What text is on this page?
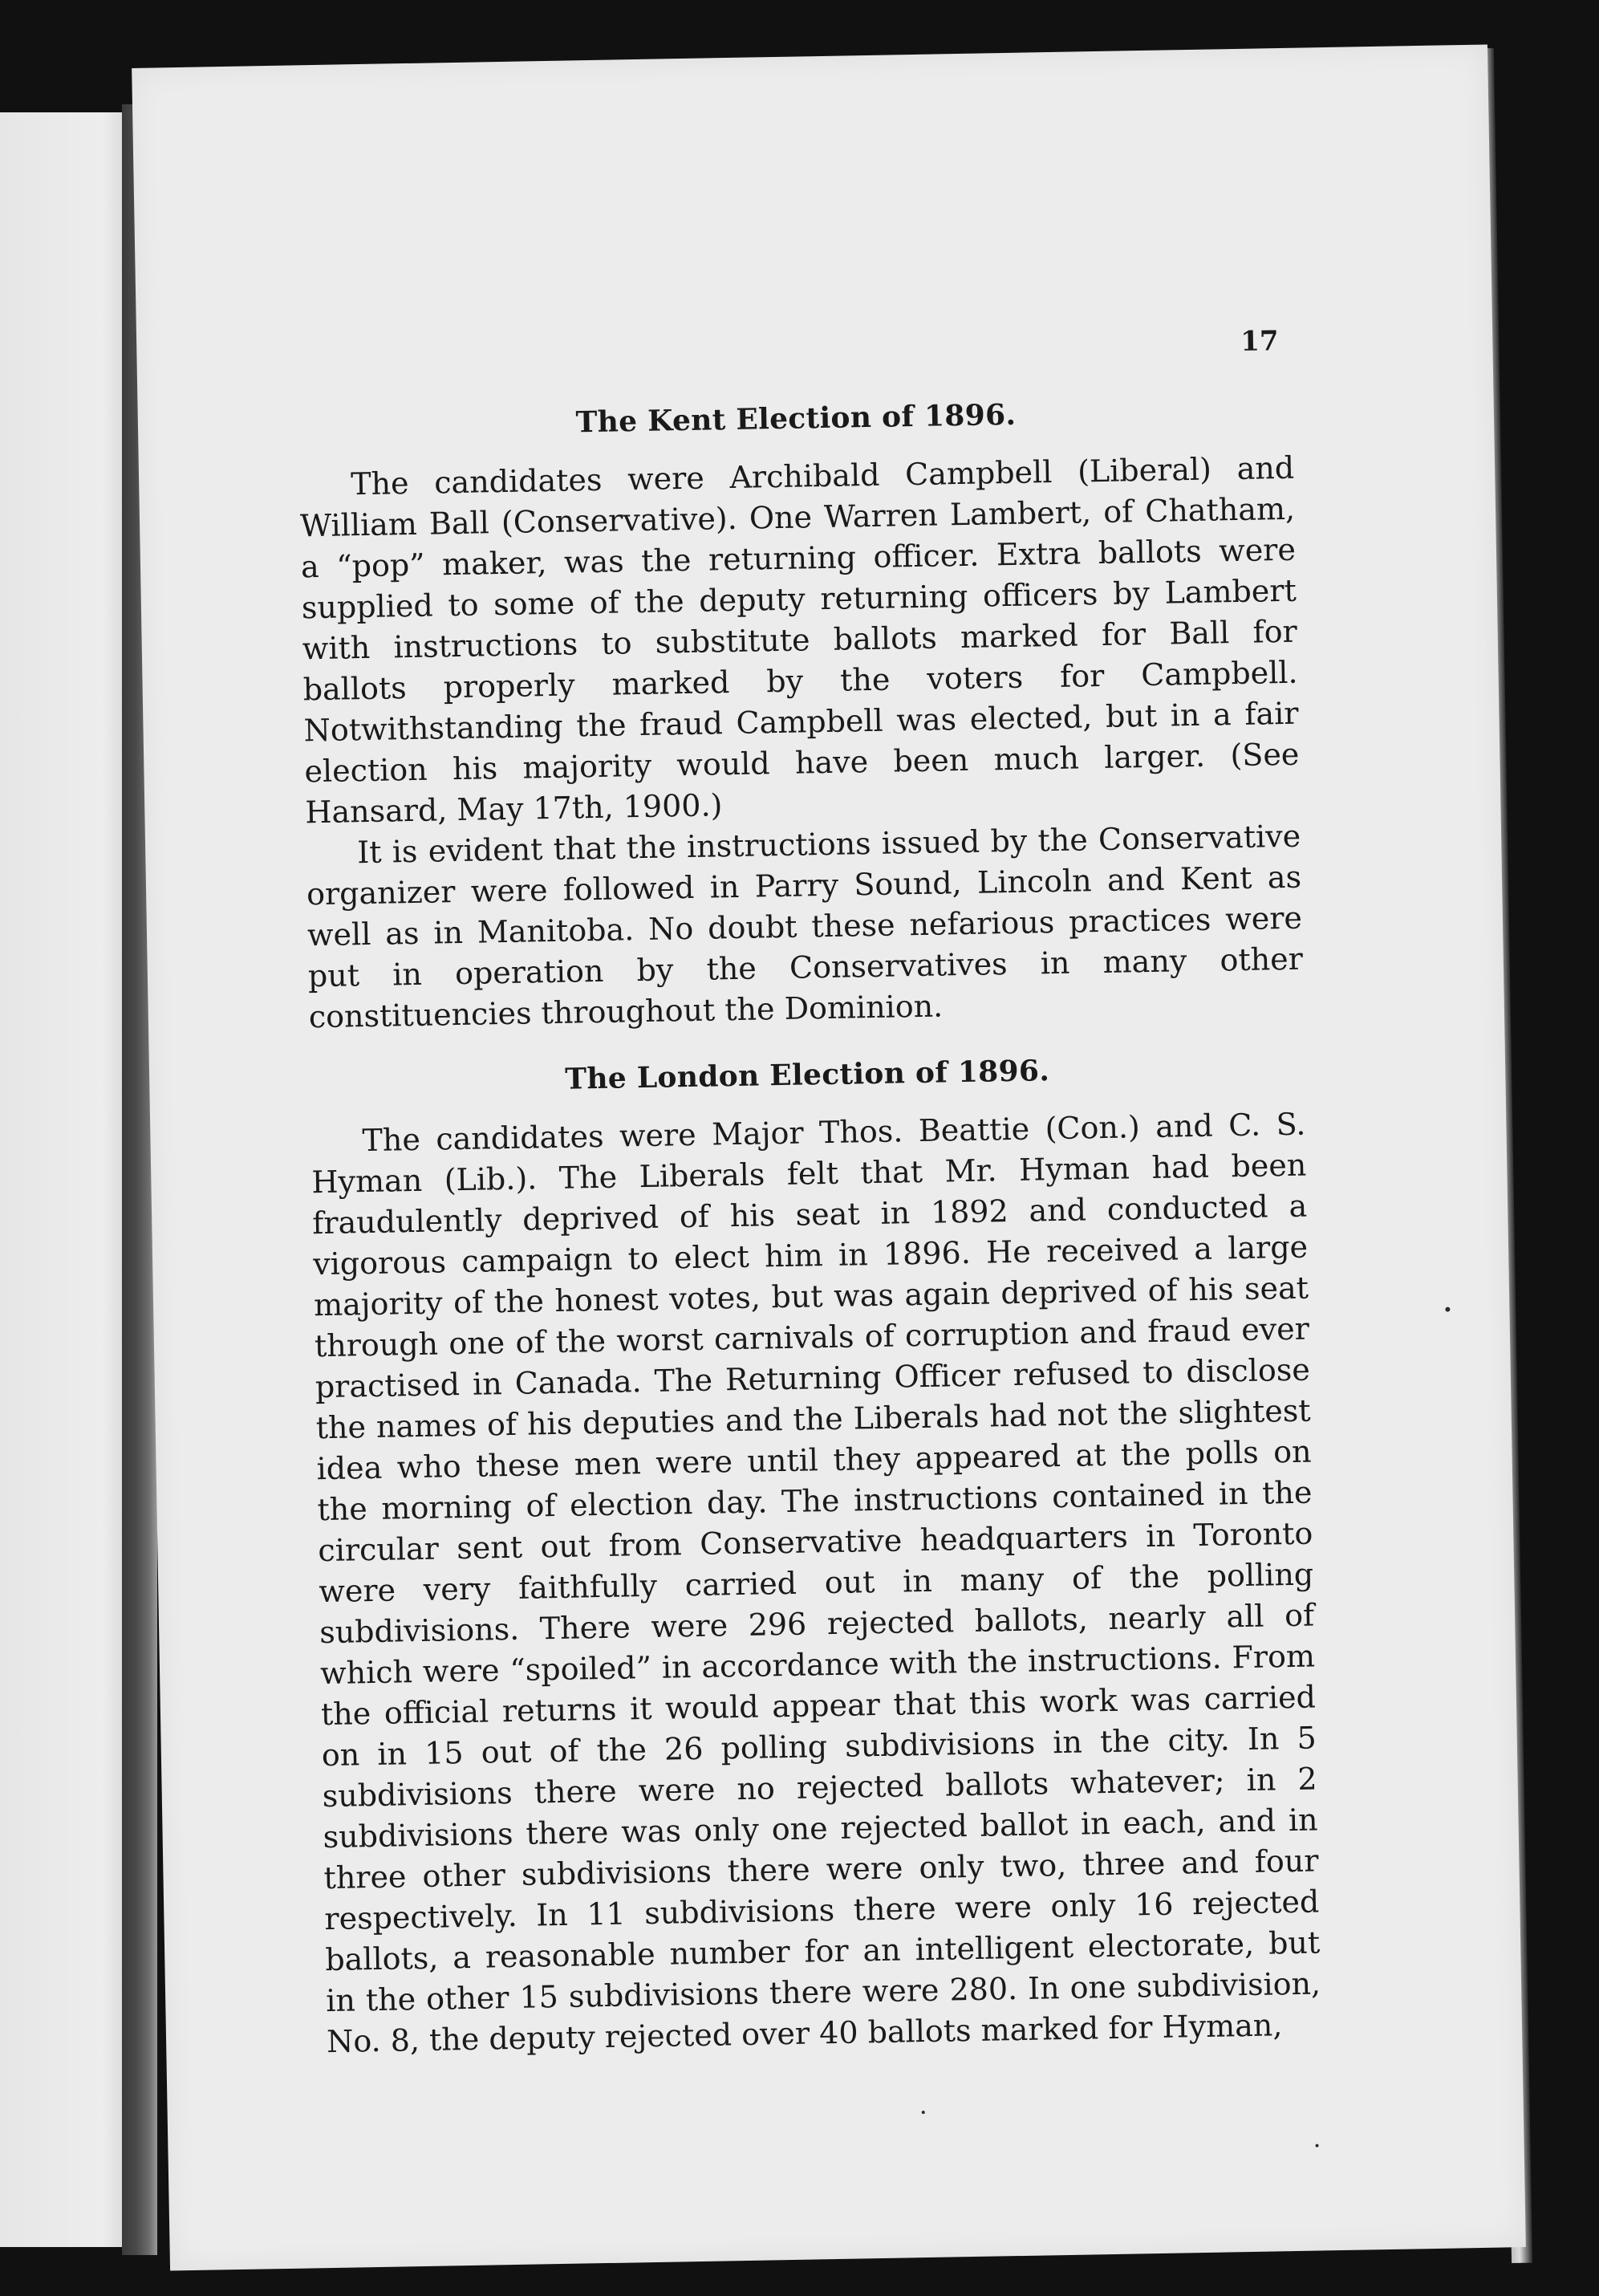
17
The Kent Election of 1896.

The candidates were Archibald Campbell (Liberal) and William Ball (Conservative). One Warren Lambert, of Chatham, a “pop” maker, was the returning officer. Extra ballots were supplied to some of the deputy returning officers by Lambert with instructions to substitute ballots marked for Ball for ballots properly marked by the voters for Campbell. Notwithstanding the fraud Campbell was elected, but in a fair election his majority would have been much larger. (See Hansard, May 17th, 1900.)

It is evident that the instructions issued by the Conservative organizer were followed in Parry Sound, Lincoln and Kent as well as in Manitoba. No doubt these nefarious practices were put in operation by the Conservatives in many other constituencies throughout the Dominion.

The London Election of 1896.

The candidates were Major Thos. Beattie (Con.) and C. S. Hyman (Lib.). The Liberals felt that Mr. Hyman had been fraudulently deprived of his seat in 1892 and conducted a vigorous campaign to elect him in 1896. He received a large majority of the honest votes, but was again deprived of his seat through one of the worst carnivals of corruption and fraud ever practised in Canada. The Returning Officer refused to disclose the names of his deputies and the Liberals had not the slightest idea who these men were until they appeared at the polls on the morning of election day. The instructions contained in the circular sent out from Conservative headquarters in Toronto were very faithfully carried out in many of the polling subdivisions. There were 296 rejected ballots, nearly all of which were “spoiled” in accordance with the instructions. From the official returns it would appear that this work was carried on in 15 out of the 26 polling subdivisions in the city. In 5 subdivisions there were no rejected ballots whatever; in 2 subdivisions there was only one rejected ballot in each, and in three other subdivisions there were only two, three and four respectively. In 11 subdivisions there were only 16 rejected ballots, a reasonable number for an intelligent electorate, but in the other 15 subdivisions there were 280. In one subdivision, No. 8, the deputy rejected over 40 ballots marked for Hyman,
